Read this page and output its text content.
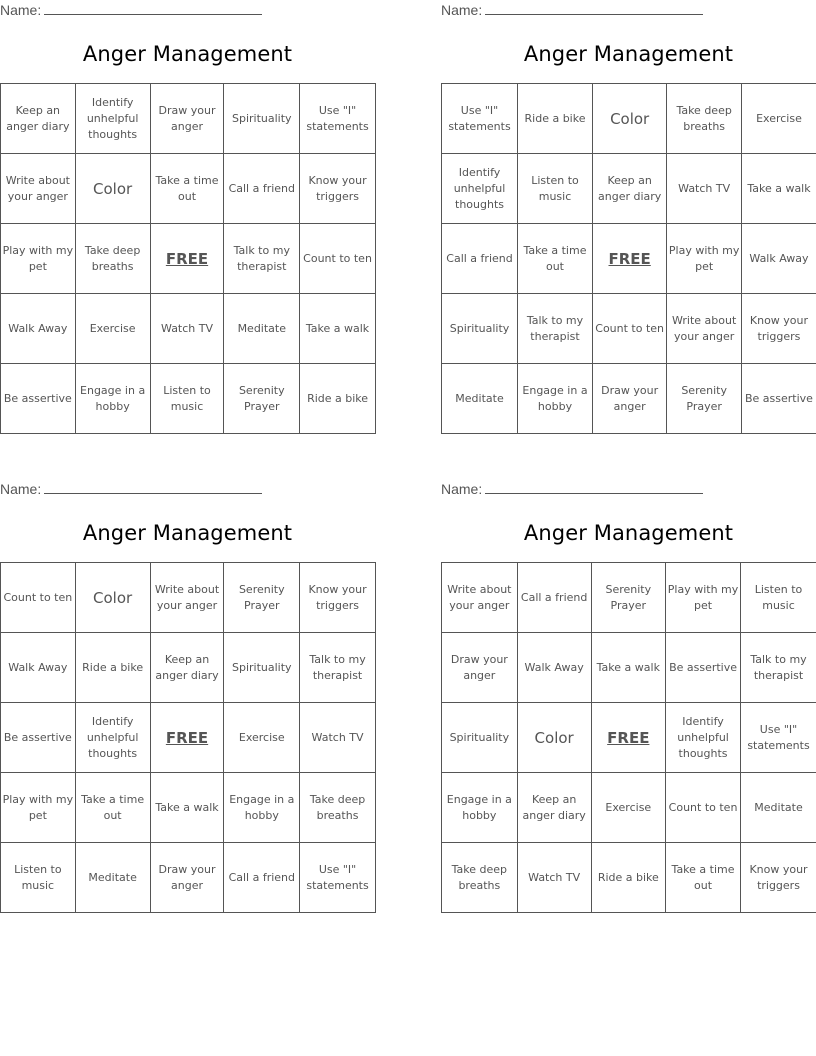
Name:
Anger Management
Keep an anger diary	Identify unhelpful thoughts	Draw your anger	Spirituality	Use "I" statements
Write about your anger	Color	Take a time out	Call a friend	Know your triggers
Play with my pet	Take deep breaths	FREE	Talk to my therapist	Count to ten
Walk Away	Exercise	Watch TV	Meditate	Take a walk
Be assertive	Engage in a hobby	Listen to music	Serenity Prayer	Ride a bike
Name:
Anger Management
Use "I" statements	Ride a bike	Color	Take deep breaths	Exercise
Identify unhelpful thoughts	Listen to music	Keep an anger diary	Watch TV	Take a walk
Call a friend	Take a time out	FREE	Play with my pet	Walk Away
Spirituality	Talk to my therapist	Count to ten	Write about your anger	Know your triggers
Meditate	Engage in a hobby	Draw your anger	Serenity Prayer	Be assertive
Name:
Anger Management
Count to ten	Color	Write about your anger	Serenity Prayer	Know your triggers
Walk Away	Ride a bike	Keep an anger diary	Spirituality	Talk to my therapist
Be assertive	Identify unhelpful thoughts	FREE	Exercise	Watch TV
Play with my pet	Take a time out	Take a walk	Engage in a hobby	Take deep breaths
Listen to music	Meditate	Draw your anger	Call a friend	Use "I" statements
Name:
Anger Management
Write about your anger	Call a friend	Serenity Prayer	Play with my pet	Listen to music
Draw your anger	Walk Away	Take a walk	Be assertive	Talk to my therapist
Spirituality	Color	FREE	Identify unhelpful thoughts	Use "I" statements
Engage in a hobby	Keep an anger diary	Exercise	Count to ten	Meditate
Take deep breaths	Watch TV	Ride a bike	Take a time out	Know your triggers
